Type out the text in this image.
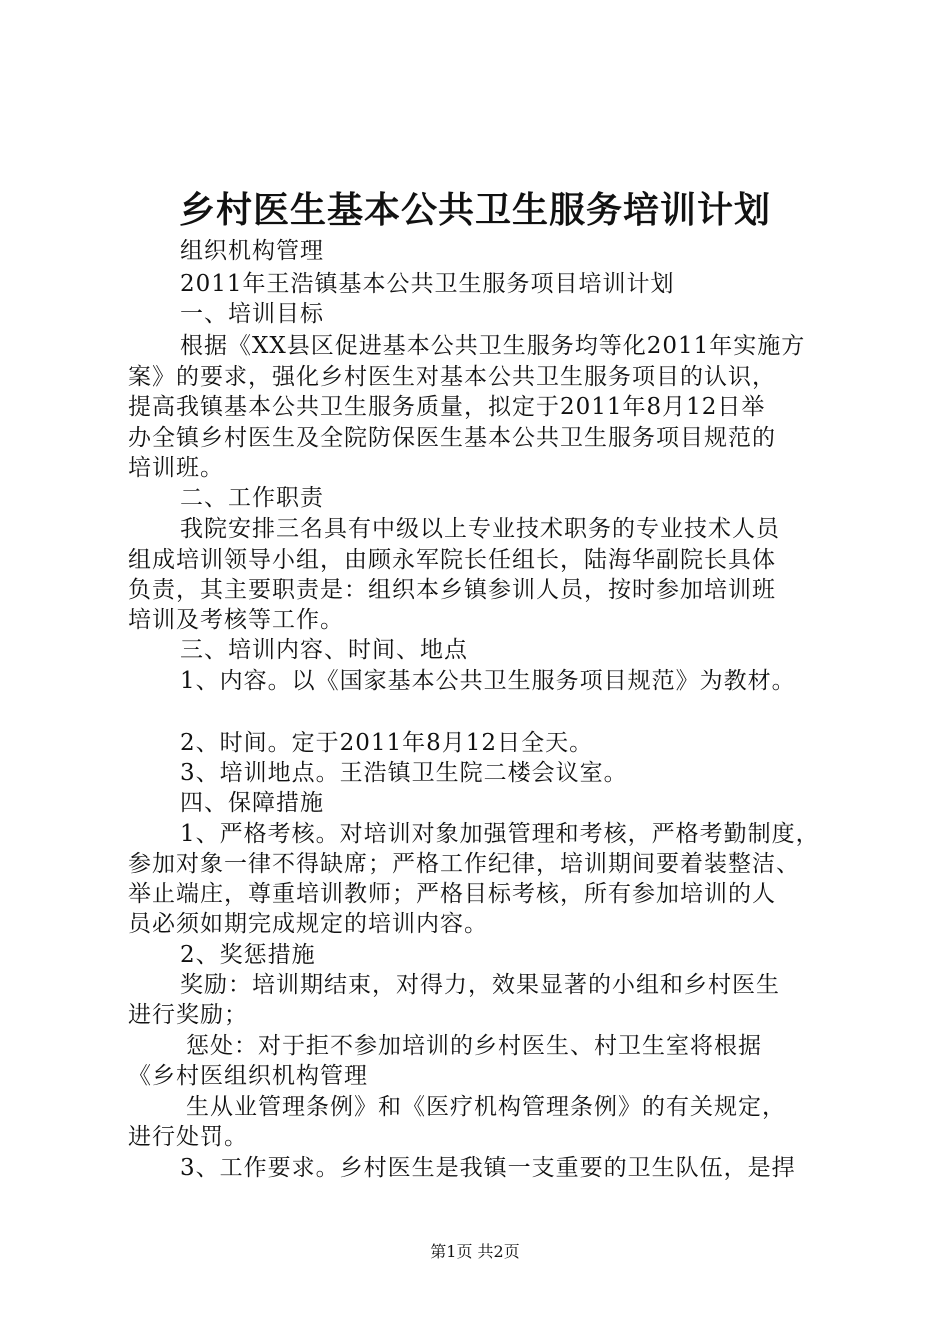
乡村医生基本公共卫生服务培训计划
组织机构管理
2011年王浩镇基本公共卫生服务项目培训计划
一、培训目标
根据《XX县区促进基本公共卫生服务均等化2011年实施方
案》的要求，强化乡村医生对基本公共卫生服务项目的认识，
提高我镇基本公共卫生服务质量，拟定于2011年8月12日举
办全镇乡村医生及全院防保医生基本公共卫生服务项目规范的
培训班。
二、工作职责
我院安排三名具有中级以上专业技术职务的专业技术人员
组成培训领导小组，由顾永军院长任组长，陆海华副院长具体
负责，其主要职责是：组织本乡镇参训人员，按时参加培训班
培训及考核等工作。
三、培训内容、时间、地点
1、内容。以《国家基本公共卫生服务项目规范》为教材。
2、时间。定于2011年8月12日全天。
3、培训地点。王浩镇卫生院二楼会议室。
四、保障措施
1、严格考核。对培训对象加强管理和考核，严格考勤制度，
参加对象一律不得缺席；严格工作纪律，培训期间要着装整洁、
举止端庄，尊重培训教师；严格目标考核，所有参加培训的人
员必须如期完成规定的培训内容。
2、奖惩措施
奖励：培训期结束，对得力，效果显著的小组和乡村医生
进行奖励；
惩处：对于拒不参加培训的乡村医生、村卫生室将根据
《乡村医组织机构管理
生从业管理条例》和《医疗机构管理条例》的有关规定，
进行处罚。
3、工作要求。乡村医生是我镇一支重要的卫生队伍，是捍
第1页 共2页
